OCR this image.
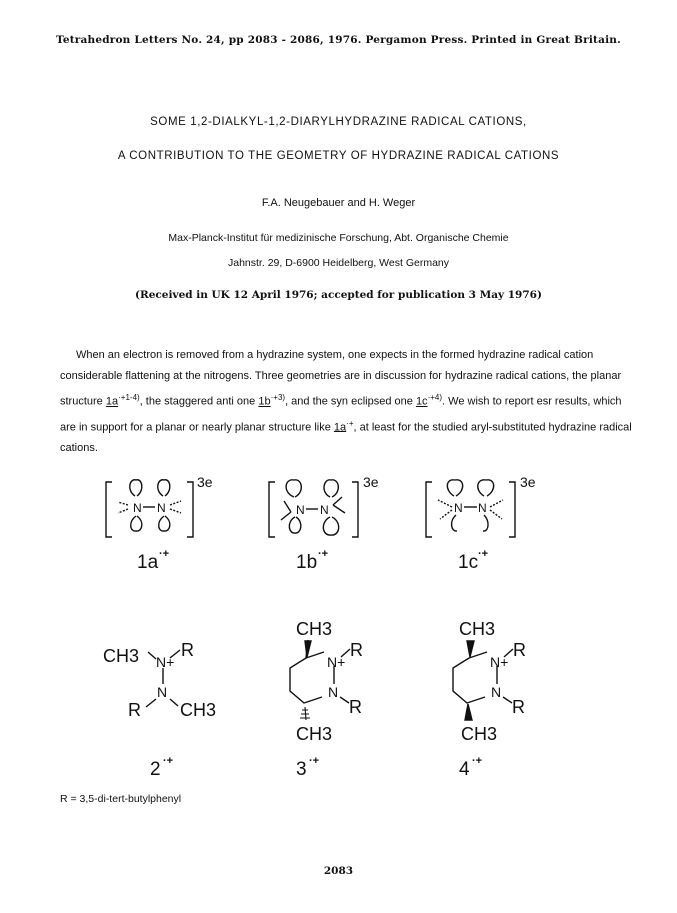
Tetrahedron Letters No. 24, pp 2083 - 2086, 1976. Pergamon Press. Printed in Great Britain.
SOME 1,2-DIALKYL-1,2-DIARYLHYDRAZINE RADICAL CATIONS,
A CONTRIBUTION TO THE GEOMETRY OF HYDRAZINE RADICAL CATIONS
F.A. Neugebauer and H. Weger
Max-Planck-Institut für medizinische Forschung, Abt. Organische Chemie
Jahnstr. 29, D-6900 Heidelberg, West Germany
(Received in UK 12 April 1976; accepted for publication 3 May 1976)

When an electron is removed from a hydrazine system, one expects in the formed hydrazine radical cation considerable flattening at the nitrogens. Three geometries are in discussion for hydrazine radical cations, the planar structure $1a^{\cdot+1-4)}$, the staggered anti one $1b^{\cdot+3)}$, and the syn eclipsed one $1c^{\cdot+4)}$. We wish to report esr results, which are in support for a planar or nearly planar structure like 1a·+, at least for the studied aryl-substituted hydrazine radical cations.

N N
3e
1a ·+
N N
3e
1b ·+
N N
3e
1c ·+
CH3 N+
R
N
R CH3
2 ·+
CH3
N+
R
N
R
CH3
3 ·+
CH3
N+
R
N
R
CH3
4 ·+
R = 3,5-di-tert-butylphenyl
2083
